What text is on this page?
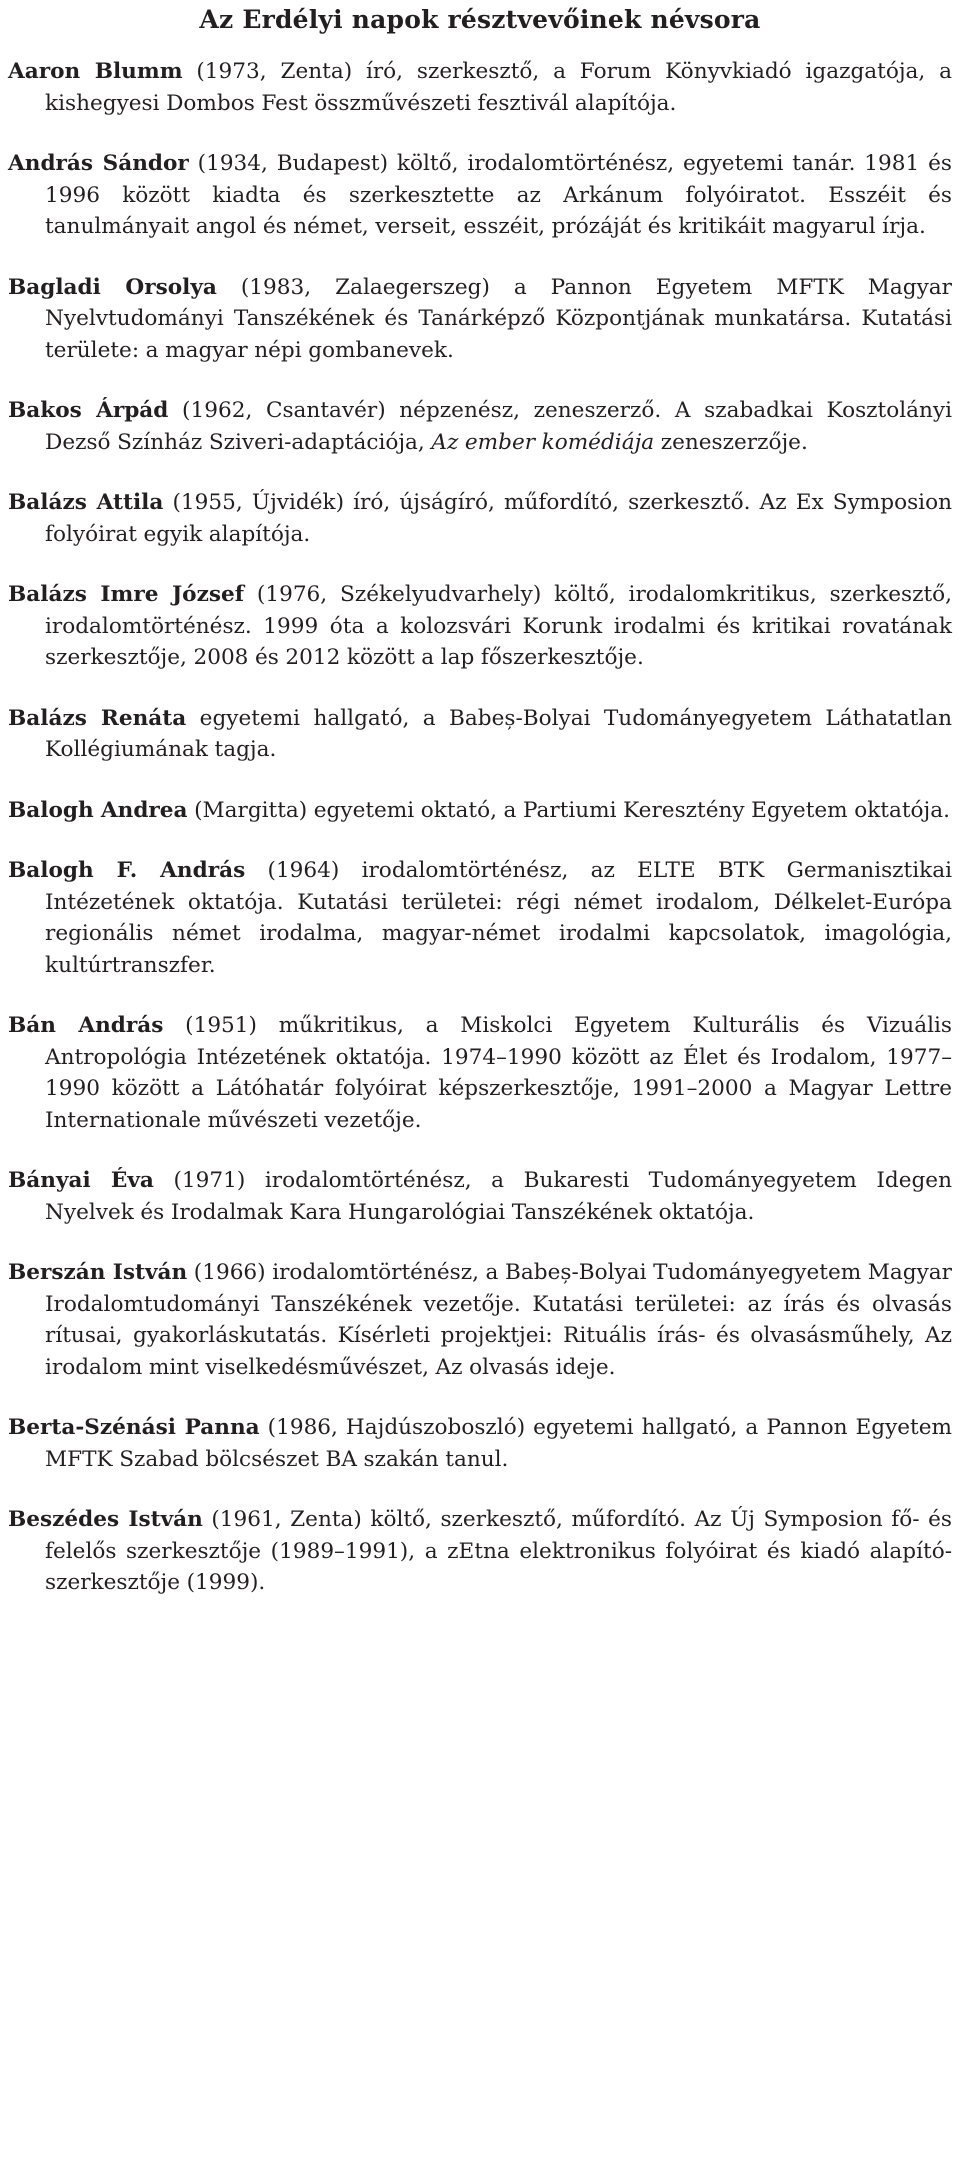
Az Erdélyi napok résztvevőinek névsora

Aaron Blumm (1973, Zenta) író, szerkesztő, a Forum Könyvkiadó igazgatója, a kishegyesi Dombos Fest összművészeti fesztivál alapítója.

András Sándor (1934, Budapest) költő, irodalomtörténész, egyetemi tanár. 1981 és 1996 között kiadta és szerkesztette az Arkánum folyóiratot. Esszéit és tanulmányait angol és német, verseit, esszéit, prózáját és kritikáit magyarul írja.

Bagladi Orsolya (1983, Zalaegerszeg) a Pannon Egyetem MFTK Magyar Nyelvtudományi Tanszékének és Tanárképző Központjának munkatársa. Kutatási területe: a magyar népi gombanevek.

Bakos Árpád (1962, Csantavér) népzenész, zeneszerző. A szabadkai Kosztolányi Dezső Színház Sziveri-adaptációja, Az ember komédiája zeneszerzője.

Balázs Attila (1955, Újvidék) író, újságíró, műfordító, szerkesztő. Az Ex Symposion folyóirat egyik alapítója.

Balázs Imre József (1976, Székelyudvarhely) költő, irodalomkritikus, szerkesztő, irodalomtörténész. 1999 óta a kolozsvári Korunk irodalmi és kritikai rovatának szerkesztője, 2008 és 2012 között a lap főszerkesztője.

Balázs Renáta egyetemi hallgató, a Babeș-Bolyai Tudományegyetem Láthatatlan Kollégiumának tagja.

Balogh Andrea (Margitta) egyetemi oktató, a Partiumi Keresztény Egyetem oktatója.

Balogh F. András (1964) irodalomtörténész, az ELTE BTK Germanisztikai Intézetének oktatója. Kutatási területei: régi német irodalom, Délkelet-Európa regionális német irodalma, magyar-német irodalmi kapcsolatok, imagológia, kultúrtranszfer.

Bán András (1951) műkritikus, a Miskolci Egyetem Kulturális és Vizuális Antropológia Intézetének oktatója. 1974–1990 között az Élet és Irodalom, 1977–1990 között a Látóhatár folyóirat képszerkesztője, 1991–2000 a Magyar Lettre Internationale művészeti vezetője.

Bányai Éva (1971) irodalomtörténész, a Bukaresti Tudományegyetem Idegen Nyelvek és Irodalmak Kara Hungarológiai Tanszékének oktatója.

Berszán István (1966) irodalomtörténész, a Babeș-Bolyai Tudományegyetem Magyar Irodalomtudományi Tanszékének vezetője. Kutatási területei: az írás és olvasás rítusai, gyakorláskutatás. Kísérleti projektjei: Rituális írás- és olvasásműhely, Az irodalom mint viselkedésművészet, Az olvasás ideje.

Berta-Szénási Panna (1986, Hajdúszoboszló) egyetemi hallgató, a Pannon Egyetem MFTK Szabad bölcsészet BA szakán tanul.

Beszédes István (1961, Zenta) költő, szerkesztő, műfordító. Az Új Symposion fő- és felelős szerkesztője (1989–1991), a zEtna elektronikus folyóirat és kiadó alapító-szerkesztője (1999).
